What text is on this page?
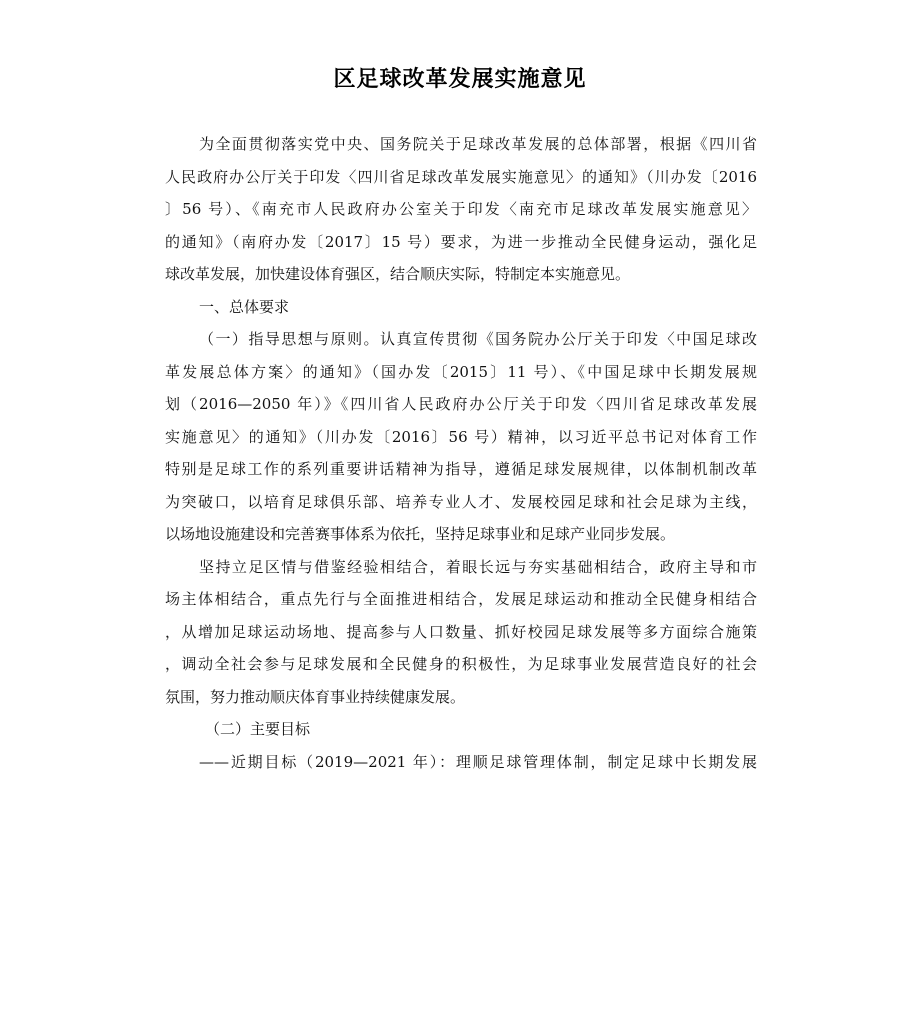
区足球改革发展实施意见
为全面贯彻落实党中央、国务院关于足球改革发展的总体部署，根据《四川省
人民政府办公厅关于印发〈四川省足球改革发展实施意见〉的通知》（川办发〔2016
〕56 号）、《南充市人民政府办公室关于印发〈南充市足球改革发展实施意见〉
的通知》（南府办发〔2017〕15 号）要求，为进一步推动全民健身运动，强化足
球改革发展，加快建设体育强区，结合顺庆实际，特制定本实施意见。
一、总体要求
（一）指导思想与原则。认真宣传贯彻《国务院办公厅关于印发〈中国足球改
革发展总体方案〉的通知》（国办发〔2015〕11 号）、《中国足球中长期发展规
划（2016—2050 年）》《四川省人民政府办公厅关于印发〈四川省足球改革发展
实施意见〉的通知》（川办发〔2016〕56 号）精神，以习近平总书记对体育工作
特别是足球工作的系列重要讲话精神为指导，遵循足球发展规律，以体制机制改革
为突破口，以培育足球俱乐部、培养专业人才、发展校园足球和社会足球为主线，
以场地设施建设和完善赛事体系为依托，坚持足球事业和足球产业同步发展。
坚持立足区情与借鉴经验相结合，着眼长远与夯实基础相结合，政府主导和市
场主体相结合，重点先行与全面推进相结合，发展足球运动和推动全民健身相结合
，从增加足球运动场地、提高参与人口数量、抓好校园足球发展等多方面综合施策
，调动全社会参与足球发展和全民健身的积极性，为足球事业发展营造良好的社会
氛围，努力推动顺庆体育事业持续健康发展。
（二）主要目标
——近期目标（2019—2021 年）：理顺足球管理体制，制定足球中长期发展
